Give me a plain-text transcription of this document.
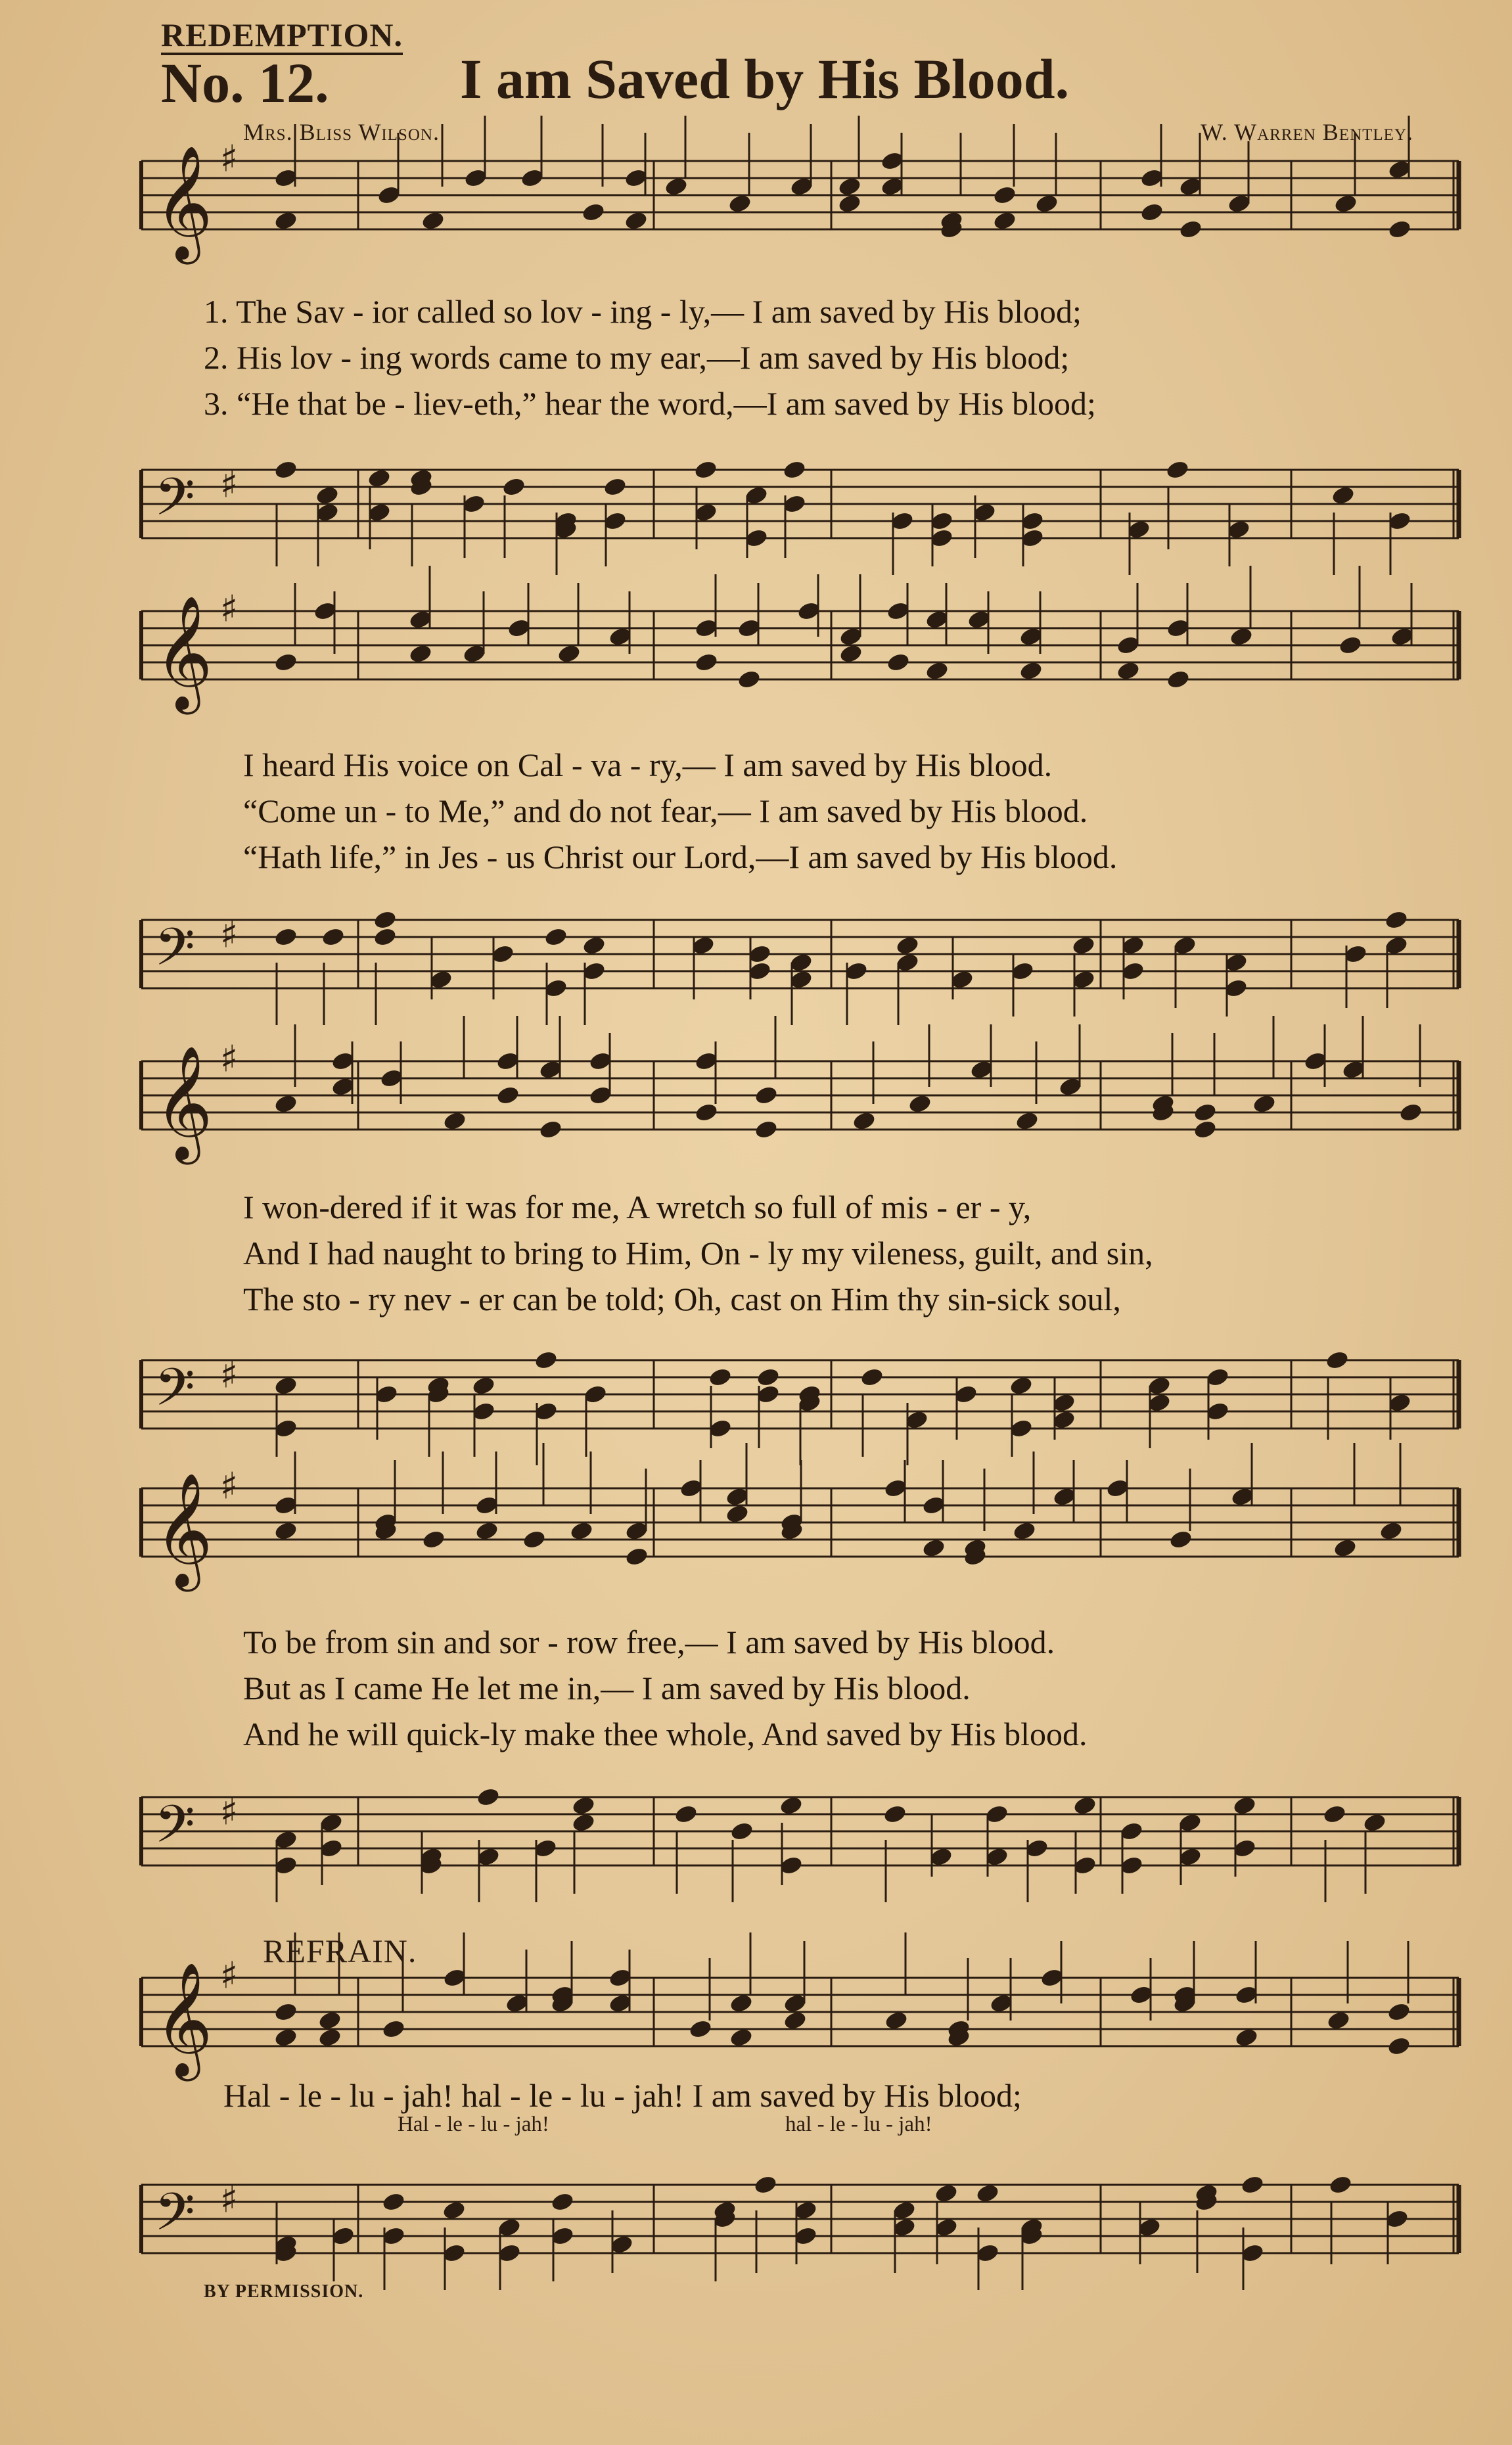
REDEMPTION.
No. 12. I am Saved by His Blood.
Mrs. Bliss Wilson.	W. Warren Bentley.
𝄞 ♯
𝄢 ♯
1. The Sav - ior called so lov - ing - ly,— I am saved by His blood;
2. His lov - ing words came to my ear,—I am saved by His blood;
3. “He that be - liev-eth,” hear the word,—I am saved by His blood;
𝄞 ♯
𝄢 ♯
I heard His voice on Cal - va - ry,— I am saved by His blood.
“Come un - to Me,” and do not fear,— I am saved by His blood.
“Hath life,” in Jes - us Christ our Lord,—I am saved by His blood.
𝄞 ♯
𝄢 ♯
I won-dered if it was for me, A wretch so full of mis - er - y,
And I had naught to bring to Him, On - ly my vileness, guilt, and sin,
The sto - ry nev - er can be told; Oh, cast on Him thy sin-sick soul,
𝄞 ♯
𝄢 ♯
To be from sin and sor - row free,— I am saved by His blood.
But as I came He let me in,— I am saved by His blood.
And he will quick-ly make thee whole, And saved by His blood.
REFRAIN.
𝄞 ♯
𝄢 ♯
Hal - le - lu - jah! hal - le - lu - jah! I am saved by His blood;
Hal - le - lu - jah!	hal - le - lu - jah!
BY PERMISSION.
